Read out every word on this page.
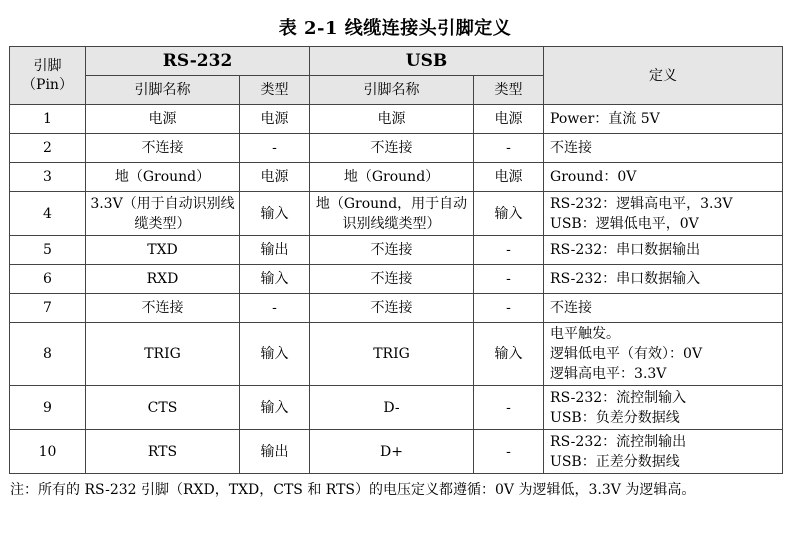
表 2-1 线缆连接头引脚定义
引脚
（Pin）	RS-232		USB		定义
	引脚名称	类型	引脚名称	类型	
1	电源	电源	电源	电源	Power：直流 5V

2	不连接	-	不连接	-	不连接

3	地（Ground）	电源	地（Ground）	电源	Ground：0V

4	3.3V（用于自动识别线缆类型）	输入	地（Ground，用于自动识别线缆类型）	输入	RS-232：逻辑高电平，3.3V
USB：逻辑低电平，0V

5	TXD	输出	不连接	-	RS-232：串口数据输出

6	RXD	输入	不连接	-	RS-232：串口数据输入

7	不连接	-	不连接	-	不连接

8	TRIG	输入	TRIG	输入	电平触发。
逻辑低电平（有效）：0V
逻辑高电平：3.3V

9	CTS	输入	D-	-	RS-232：流控制输入
USB：负差分数据线

10	RTS	输出	D+	-	RS-232：流控制输出
USB：正差分数据线
注：所有的 RS-232 引脚（RXD，TXD，CTS 和 RTS）的电压定义都遵循：0V 为逻辑低，3.3V 为逻辑高。
